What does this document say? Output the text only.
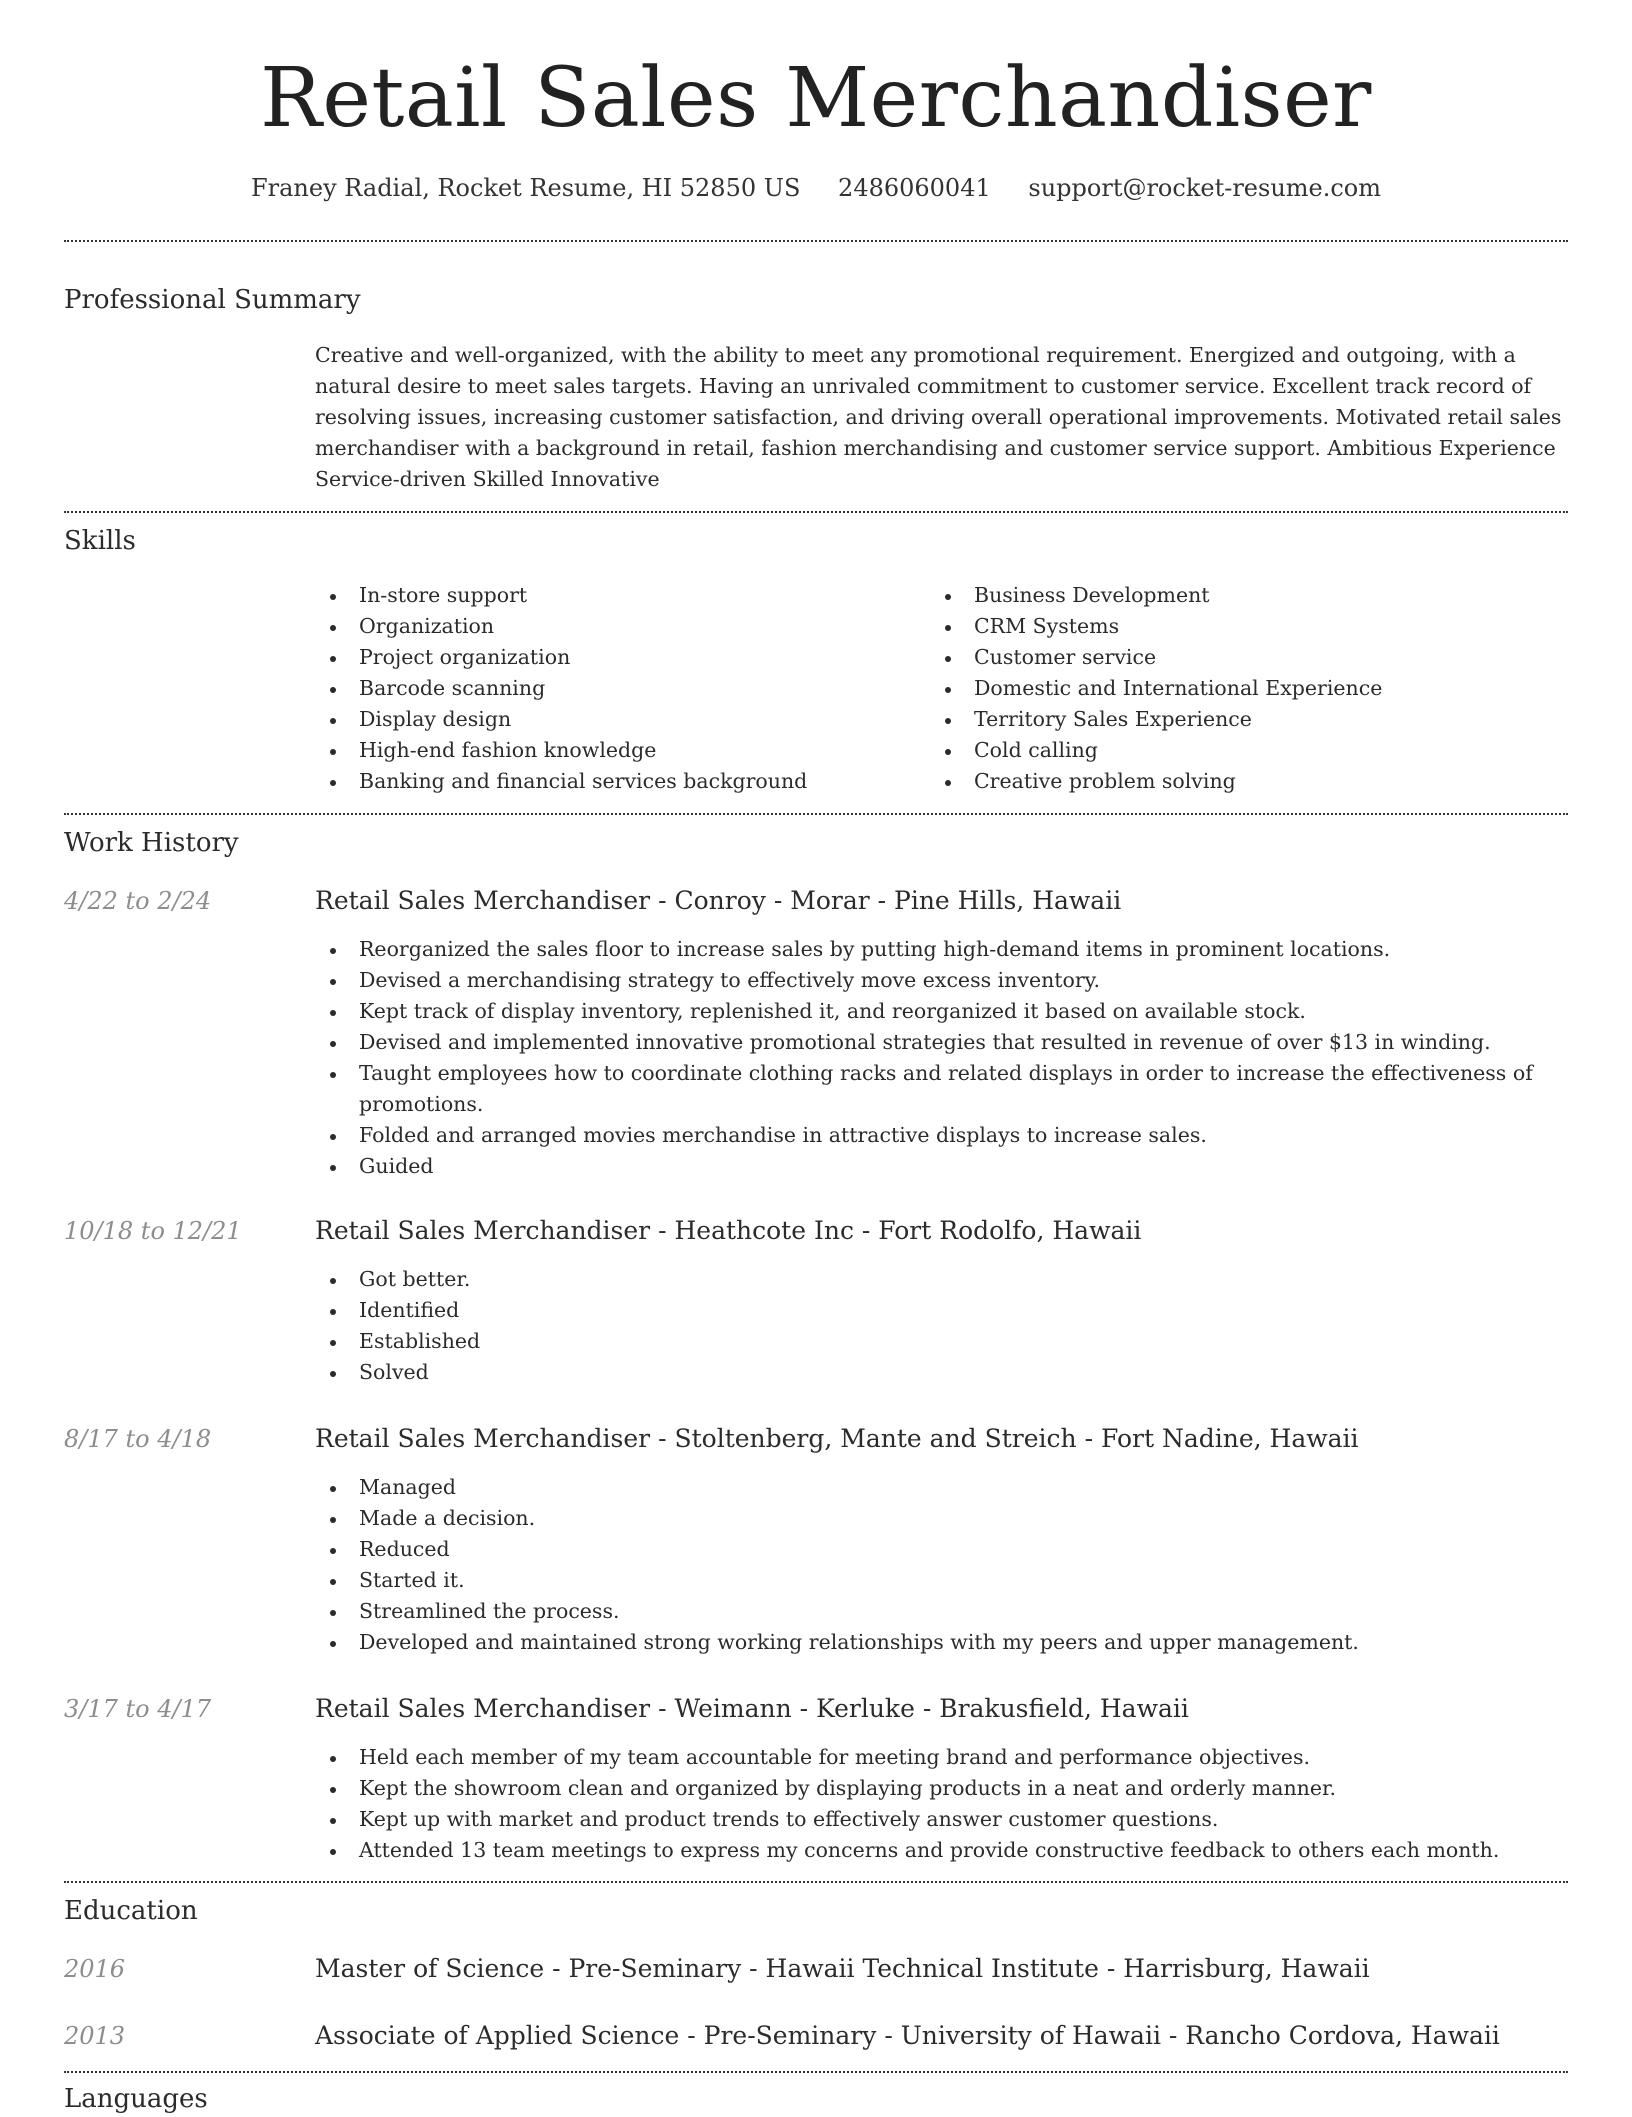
Retail Sales Merchandiser
Franey Radial, Rocket Resume, HI 52850 US 2486060041 support@rocket-resume.com
Professional Summary

Creative and well-organized, with the ability to meet any promotional requirement. Energized and outgoing, with a natural desire to meet sales targets. Having an unrivaled commitment to customer service. Excellent track record of resolving issues, increasing customer satisfaction, and driving overall operational improvements. Motivated retail sales merchandiser with a background in retail, fashion merchandising and customer service support. Ambitious Experience Service-driven Skilled Innovative

Skills
In-store support
Organization
Project organization
Barcode scanning
Display design
High-end fashion knowledge
Banking and financial services background
Business Development
CRM Systems
Customer service
Domestic and International Experience
Territory Sales Experience
Cold calling
Creative problem solving
Work History
4/22 to 2/24	Retail Sales Merchandiser - Conroy - Morar - Pine Hills, Hawaii
Reorganized the sales floor to increase sales by putting high-demand items in prominent locations.
Devised a merchandising strategy to effectively move excess inventory.
Kept track of display inventory, replenished it, and reorganized it based on available stock.
Devised and implemented innovative promotional strategies that resulted in revenue of over $13 in winding.
Taught employees how to coordinate clothing racks and related displays in order to increase the effectiveness of promotions.
Folded and arranged movies merchandise in attractive displays to increase sales.
Guided
10/18 to 12/21	Retail Sales Merchandiser - Heathcote Inc - Fort Rodolfo, Hawaii
Got better.
Identified
Established
Solved
8/17 to 4/18	Retail Sales Merchandiser - Stoltenberg, Mante and Streich - Fort Nadine, Hawaii
Managed
Made a decision.
Reduced
Started it.
Streamlined the process.
Developed and maintained strong working relationships with my peers and upper management.
3/17 to 4/17	Retail Sales Merchandiser - Weimann - Kerluke - Brakusfield, Hawaii
Held each member of my team accountable for meeting brand and performance objectives.
Kept the showroom clean and organized by displaying products in a neat and orderly manner.
Kept up with market and product trends to effectively answer customer questions.
Attended 13 team meetings to express my concerns and provide constructive feedback to others each month.
Education
2016	Master of Science - Pre-Seminary - Hawaii Technical Institute - Harrisburg, Hawaii
2013	Associate of Applied Science - Pre-Seminary - University of Hawaii - Rancho Cordova, Hawaii
Languages
